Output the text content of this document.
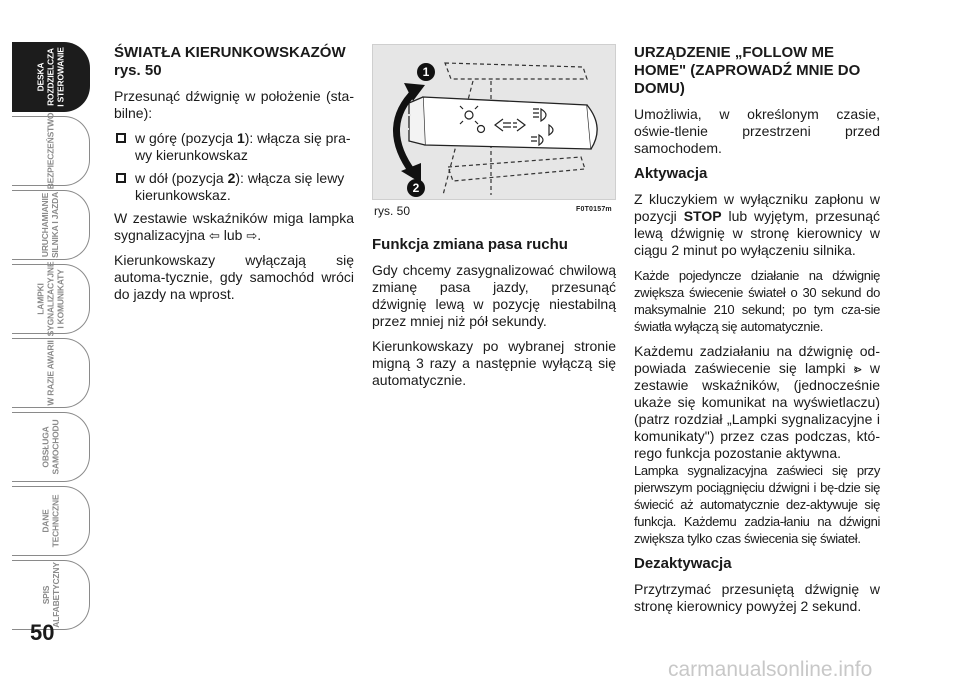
DESKA
ROZDZIELCZA
I STEROWANIE
BEZPIECZEŃSTWO
URUCHAMIANIE
SILNIKA I JAZDA
LAMPKI
SYGNALIZACYJNE
I KOMUNIKATY
W RAZIE AWARII
OBSŁUGA
SAMOCHODU
DANE
TECHNICZNE
SPIS
ALFABETYCZNY
50

ŚWIATŁA KIERUNKOWSKAZÓW rys. 50

Przesunąć dźwignię w położenie (sta-bilne):

w górę (pozycja 1): włącza się pra-wy kierunkowskaz
w dół (pozycja 2): włącza się lewy kierunkowskaz.

W zestawie wskaźników miga lampka sygnalizacyjna ⇦ lub ⇨.

Kierunkowskazy wyłączają się automa-tycznie, gdy samochód wróci do jazdy na wprost.

1
2
rys. 50	F0T0157m

Funkcja zmiana pasa ruchu

Gdy chcemy zasygnalizować chwilową zmianę pasa jazdy, przesunąć dźwignię lewą w pozycję niestabilną przez mniej niż pół sekundy.

Kierunkowskazy po wybranej stronie migną 3 razy a następnie wyłączą się automatycznie.

URZĄDZENIE „FOLLOW ME HOME" (ZAPROWADŹ MNIE DO DOMU)

Umożliwia, w określonym czasie, oświe-tlenie przestrzeni przed samochodem.

Aktywacja

Z kluczykiem w wyłączniku zapłonu w pozycji STOP lub wyjętym, przesunąć lewą dźwignię w stronę kierownicy w ciągu 2 minut po wyłączeniu silnika.

Każde pojedyncze działanie na dźwignię zwiększa świecenie świateł o 30 sekund do maksymalnie 210 sekund; po tym cza-sie światła wyłączą się automatycznie.

Każdemu zadziałaniu na dźwignię od-powiada zaświecenie się lampki ⩺ w zestawie wskaźników, (jednocześnie ukaże się komunikat na wyświetlaczu) (patrz rozdział „Lampki sygnalizacyjne i komunikaty") przez czas podczas, któ-rego funkcja pozostanie aktywna.

Lampka sygnalizacyjna zaświeci się przy pierwszym pociągnięciu dźwigni i bę-dzie się świecić aż automatycznie dez-aktywuje się funkcja. Każdemu zadzia-łaniu na dźwigni zwiększa tylko czas świecenia się świateł.

Dezaktywacja

Przytrzymać przesuniętą dźwignię w stronę kierownicy powyżej 2 sekund.

carmanualsonline.info
